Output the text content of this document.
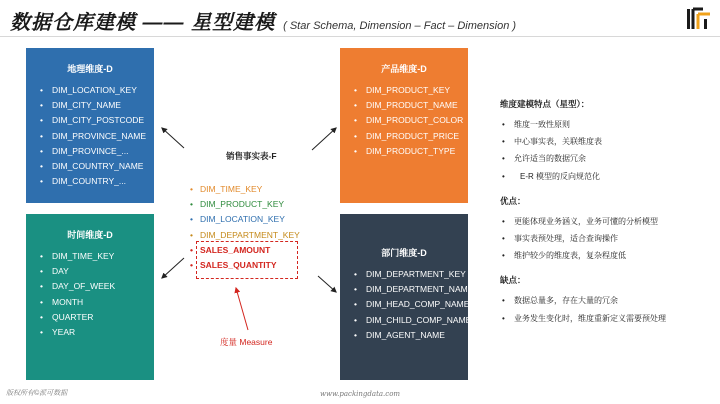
数据仓库建模 —— 星型建模 ( Star Schema, Dimension – Fact – Dimension )
地理维度-D
• DIM_LOCATION_KEY
• DIM_CITY_NAME
• DIM_CITY_POSTCODE
• DIM_PROVINCE_NAME
• DIM_PROVINCE_...
• DIM_COUNTRY_NAME
• DIM_COUNTRY_...
时间维度-D
• DIM_TIME_KEY
• DAY
• DAY_OF_WEEK
• MONTH
• QUARTER
• YEAR
产品维度-D
• DIM_PRODUCT_KEY
• DIM_PRODUCT_NAME
• DIM_PRODUCT_COLOR
• DIM_PRODUCT_PRICE
• DIM_PRODUCT_TYPE
部门维度-D
• DIM_DEPARTMENT_KEY
• DIM_DEPARTMENT_NAME
• DIM_HEAD_COMP_NAME
• DIM_CHILD_COMP_NAME
• DIM_AGENT_NAME
销售事实表-F
• DIM_TIME_KEY
• DIM_PRODUCT_KEY
• DIM_LOCATION_KEY
• DIM_DEPARTMENT_KEY
• SALES_AMOUNT
• SALES_QUANTITY
度量 Measure
维度建模特点（星型）：
• 维度一致性原则
• 中心事实表，关联维度表
• 允许适当的数据冗余
• E-R 模型的反向规范化
优点：
• 更能体现业务涵义，业务可懂的分析模型
• 事实表预处理，适合查询操作
• 维护较少的维度表，复杂程度低
缺点：
• 数据总量多，存在大量的冗余
• 业务发生变化时，维度重新定义需要预处理
版权所有©派可数据	www.packingdata.com
